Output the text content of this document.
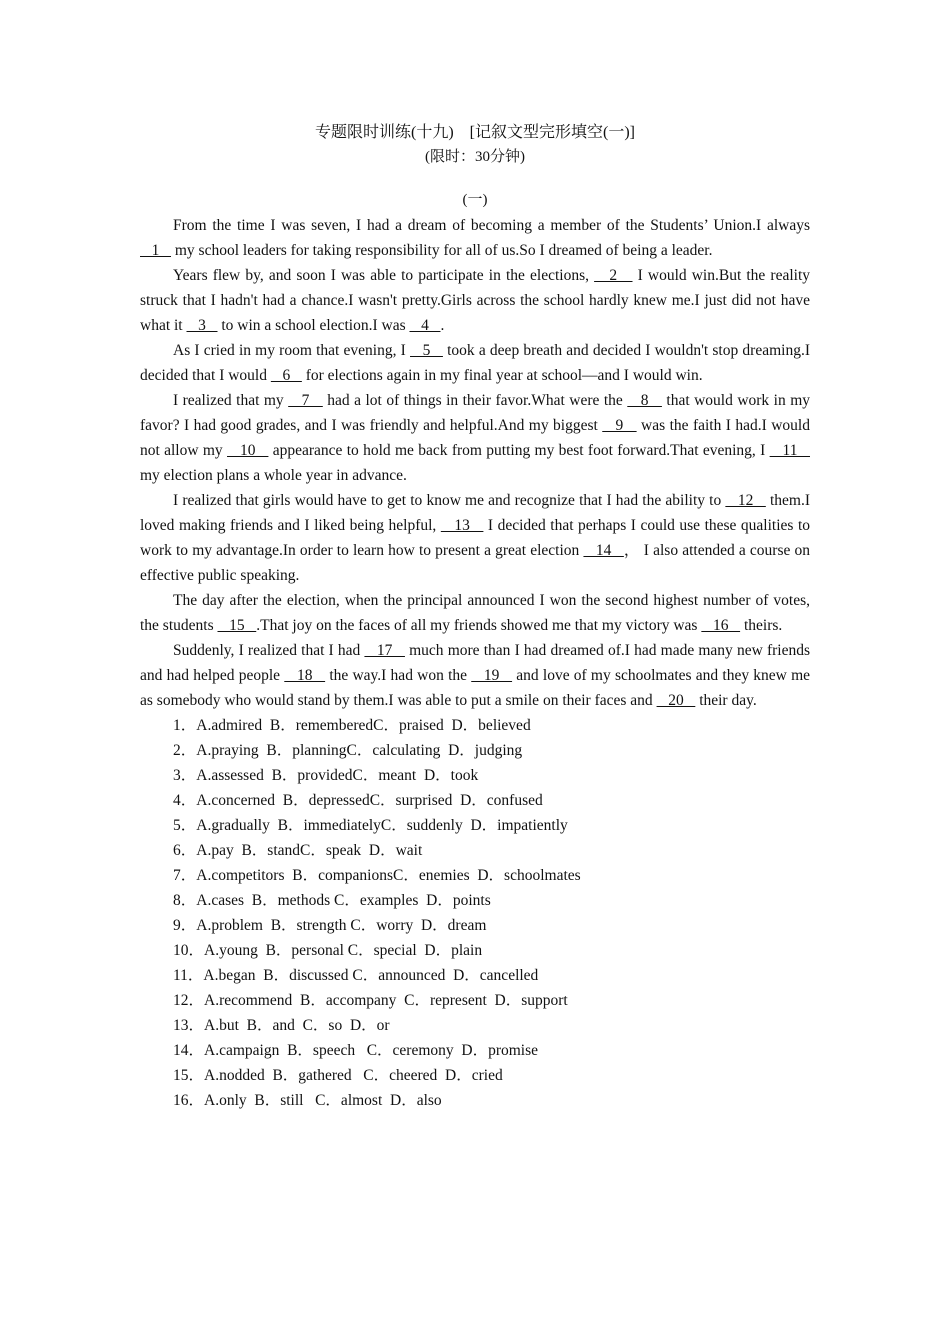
专题限时训练(十九)　[记叙文型完形填空(一)]

(限时：30分钟)

(一)

From the time I was seven, I had a dream of becoming a member of the Students’ Union.I always    1    my school leaders for taking responsibility for all of us.So I dreamed of being a leader.

Years flew by, and soon I was able to participate in the elections,    2    I would win.But the reality struck that I hadn't had a chance.I wasn't pretty.Girls across the school hardly knew me.I just did not have what it    3    to win a school election.I was    4   .

As I cried in my room that evening, I    5    took a deep breath and decided I wouldn't stop dreaming.I decided that I would    6    for elections again in my final year at school—and I would win.

I realized that my    7    had a lot of things in their favor.What were the    8    that would work in my favor? I had good grades, and I was friendly and helpful.And my biggest    9    was the faith I had.I would not allow my    10    appearance to hold me back from putting my best foot forward.That evening, I    11    my election plans a whole year in advance.

I realized that girls would have to get to know me and recognize that I had the ability to    12    them.I loved making friends and I liked being helpful,    13    I decided that perhaps I could use these qualities to work to my advantage.In order to learn how to present a great election    14   ， I also attended a course on effective public speaking.

The day after the election, when the principal announced I won the second highest number of votes, the students    15   .That joy on the faces of all my friends showed me that my victory was    16    theirs.

Suddenly, I realized that I had    17    much more than I had dreamed of.I had made many new friends and had helped people    18    the way.I had won the    19    and love of my schoolmates and they knew me as somebody who would stand by them.I was able to put a smile on their faces and    20    their day.

1．A.admired  B．rememberedC．praised  D．believed
2．A.praying  B．planningC．calculating  D．judging
3．A.assessed  B．providedC．meant  D．took
4．A.concerned  B．depressedC．surprised  D．confused
5．A.gradually  B．immediatelyC．suddenly  D．impatiently
6．A.pay  B．standC．speak  D．wait
7．A.competitors  B．companionsC．enemies  D．schoolmates
8．A.cases  B．methods C．examples  D．points
9．A.problem  B．strength C．worry  D．dream
10．A.young  B．personal C．special  D．plain
11．A.began  B．discussed C．announced  D．cancelled
12．A.recommend  B．accompany  C．represent  D．support
13．A.but  B．and  C．so  D．or
14．A.campaign  B．speech   C．ceremony  D．promise
15．A.nodded  B．gathered   C．cheered  D．cried
16．A.only  B．still   C．almost  D．also
